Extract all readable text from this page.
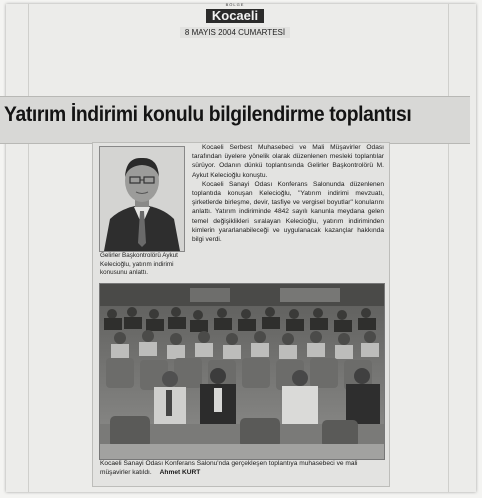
BÖLGE
Kocaeli
8 MAYIS 2004 CUMARTESİ
Yatırım İndirimi konulu bilgilendirme toplantısı

Gelirler Başkontrolörü Aykut Kelecioğlu, yatırım indirimi konusunu anlattı.

Kocaeli Serbest Muhasebeci ve Mali Müşavirler Odası tarafından üyelere yönelik olarak düzenlenen mesleki toplantılar sürüyor. Odanın dünkü toplantısında Gelirler Başkontrolörü M. Aykut Kelecioğlu konuştu.

Kocaeli Sanayi Odası Konferans Salonunda düzenlenen toplantıda konuşan Kelecioğlu, "Yatırım indirimi mevzuatı, şirketlerde birleşme, devir, tasfiye ve vergisel boyutlar" konularını anlattı. Yatırım indiriminde 4842 sayılı kanunla meydana gelen temel değişiklikleri sıralayan Kelecioğlu, yatırım indiriminden kimlerin yararlanabileceği ve uygulanacak kazançlar hakkında bilgi verdi.

Kocaeli Sanayi Odası Konferans Salonu'nda gerçekleşen toplantıya muhasebeci ve mali müşavirler katıldı. Ahmet KURT
